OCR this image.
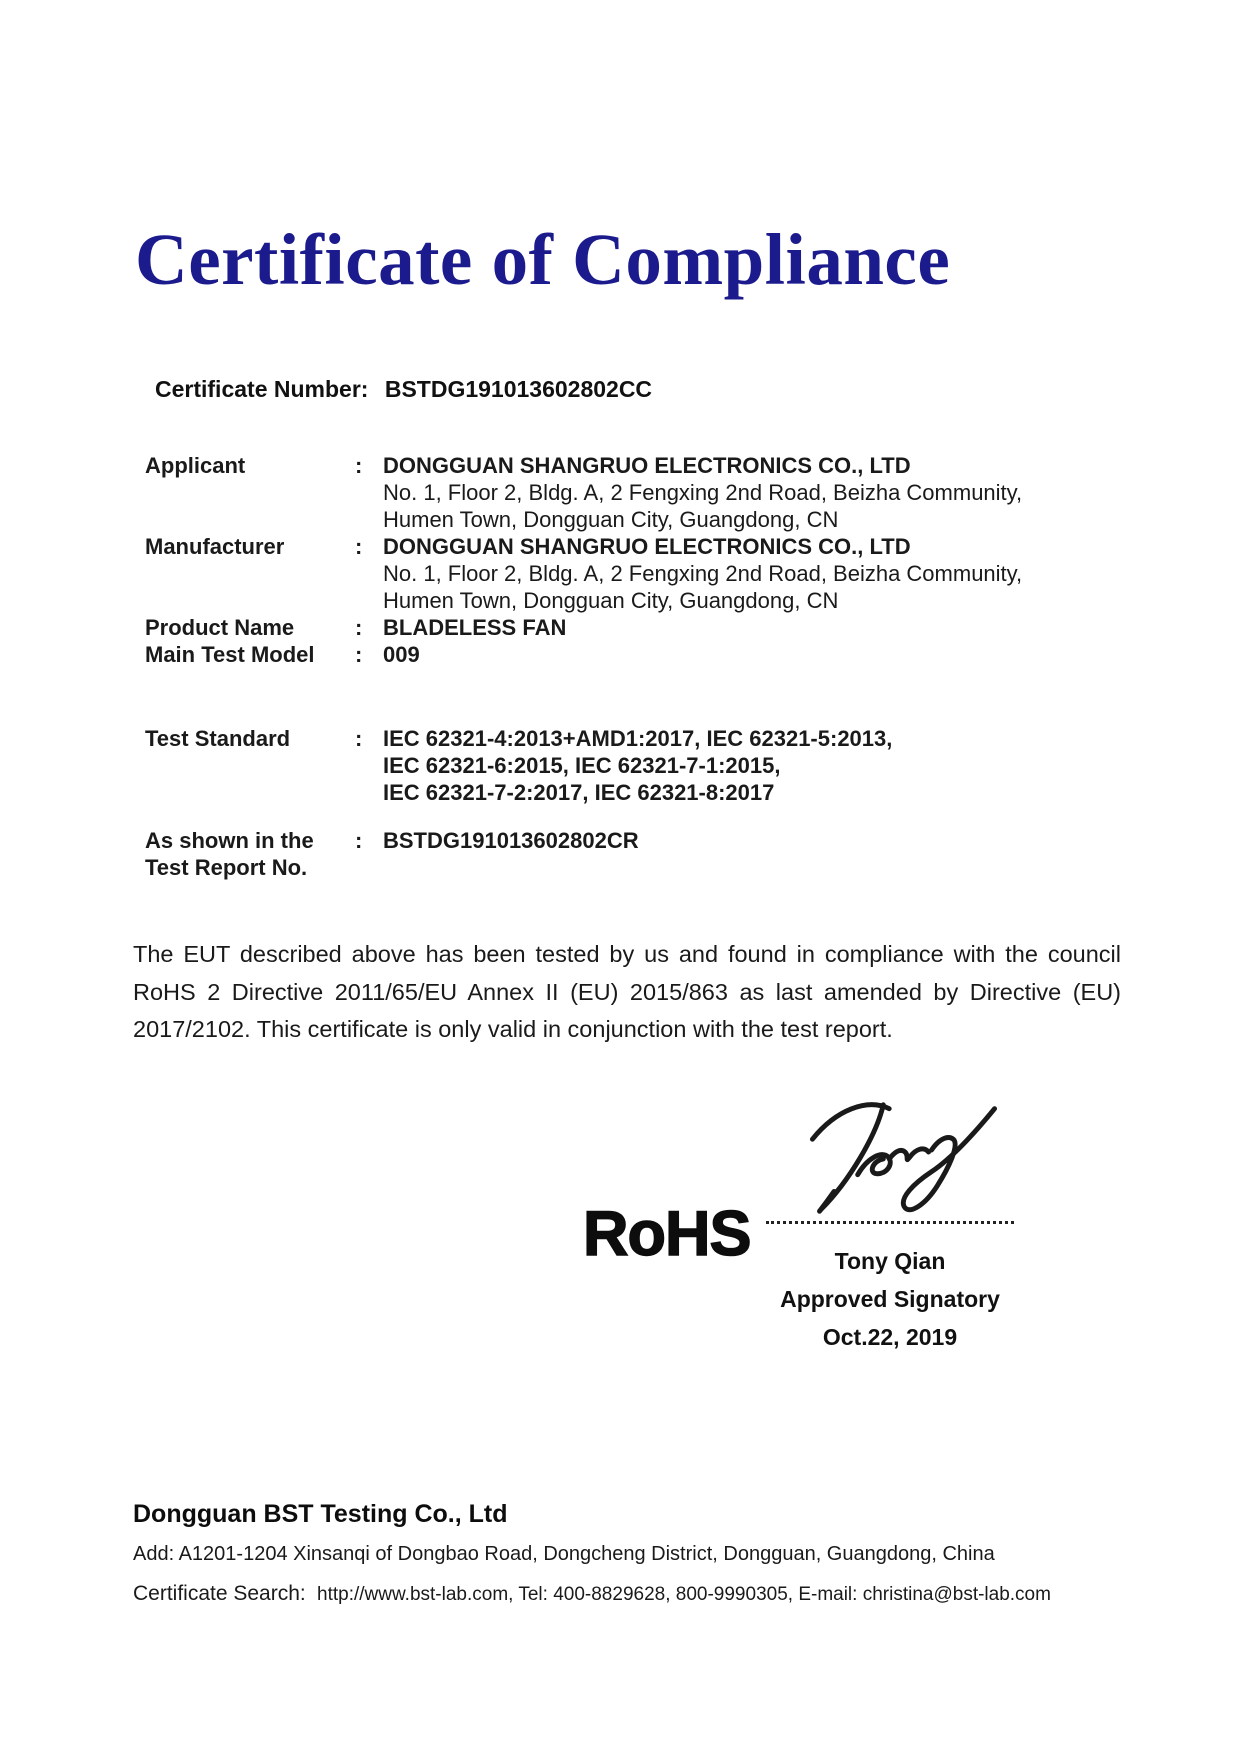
Certificate of Compliance
Certificate Number: BSTDG191013602802CC
Applicant	: DONGGUAN SHANGRUO ELECTRONICS CO., LTD
No. 1, Floor 2, Bldg. A, 2 Fengxing 2nd Road, Beizha Community,
Humen Town, Dongguan City, Guangdong, CN
Manufacturer	: DONGGUAN SHANGRUO ELECTRONICS CO., LTD
No. 1, Floor 2, Bldg. A, 2 Fengxing 2nd Road, Beizha Community,
Humen Town, Dongguan City, Guangdong, CN
Product Name	: BLADELESS FAN
Main Test Model	: 009
Test Standard	: IEC 62321-4:2013+AMD1:2017, IEC 62321-5:2013,
IEC 62321-6:2015, IEC 62321-7-1:2015,
IEC 62321-7-2:2017, IEC 62321-8:2017
As shown in the
Test Report No.
: BSTDG191013602802CR

The EUT described above has been tested by us and found in compliance with the council RoHS 2 Directive 2011/65/EU Annex II (EU) 2015/863 as last amended by Directive (EU) 2017/2102. This certificate is only valid in conjunction with the test report.

RoHS	Tony Qian
Approved Signatory
Oct.22, 2019
Dongguan BST Testing Co., Ltd
Add: A1201-1204 Xinsanqi of Dongbao Road, Dongcheng District, Dongguan, Guangdong, China
Certificate Search: http://www.bst-lab.com, Tel: 400-8829628, 800-9990305, E-mail: christina@bst-lab.com
